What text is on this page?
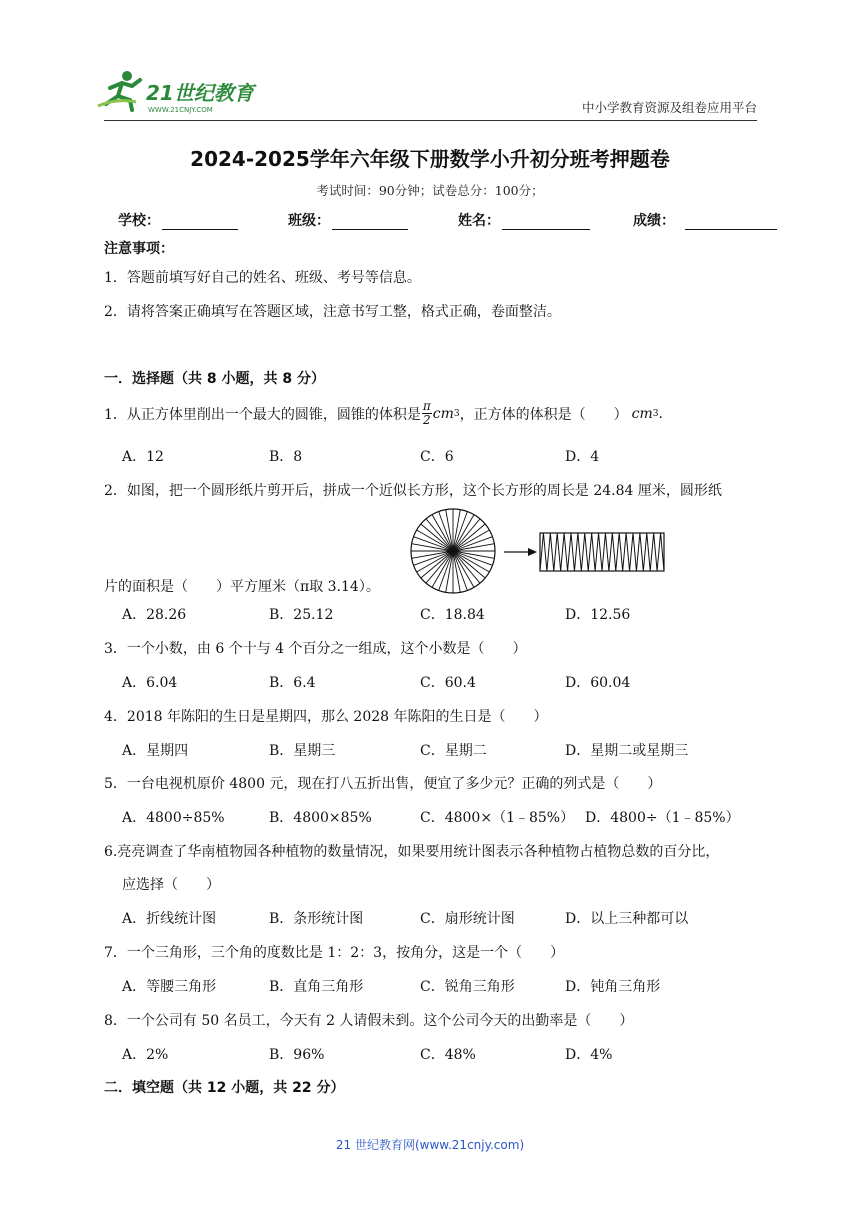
21世纪教育
WWW.21CNJY.COM	中小学教育资源及组卷应用平台
2024-2025学年六年级下册数学小升初分班考押题卷
考试时间：90分钟；试卷总分：100分；
学校：	班级：	姓名：	成绩：
注意事项：
1．答题前填写好自己的姓名、班级、考号等信息。
2．请将答案正确填写在答题区域，注意书写工整，格式正确，卷面整洁。
一．选择题（共 8 小题，共 8 分）
1．从正方体里削出一个最大的圆锥，圆锥的体积是 $\frac{\pi}{2}$ cm 3 ，正方体的体积是（　　） cm 3 .
A．12	B．8	C．6	D．4
2．如图，把一个圆形纸片剪开后，拼成一个近似长方形，这个长方形的周长是 24.84 厘米，圆形纸
片的面积是（　　）平方厘米（π取 3.14）。
A．28.26	B．25.12	C．18.84	D．12.56
3．一个小数，由 6 个十与 4 个百分之一组成，这个小数是（　　）
A．6.04	B．6.4	C．60.4	D．60.04
4．2018 年陈阳的生日是星期四，那么 2028 年陈阳的生日是（　　）
A．星期四	B．星期三	C．星期二	D．星期二或星期三
5．一台电视机原价 4800 元，现在打八五折出售，便宜了多少元？正确的列式是（　　）
A．4800÷85%	B．4800×85%	C．4800×（1﹣85%） D．4800÷（1﹣85%）
6.亮亮调查了华南植物园各种植物的数量情况，如果要用统计图表示各种植物占植物总数的百分比，
应选择（　　）
A．折线统计图	B．条形统计图	C．扇形统计图	D．以上三种都可以
7．一个三角形，三个角的度数比是 1：2：3，按角分，这是一个（　　）
A．等腰三角形	B．直角三角形	C．锐角三角形	D．钝角三角形
8．一个公司有 50 名员工，今天有 2 人请假未到。这个公司今天的出勤率是（　　）
A．2%	B．96%	C．48%	D．4%
二．填空题（共 12 小题，共 22 分）
21 世纪教育网(www.21cnjy.com)
